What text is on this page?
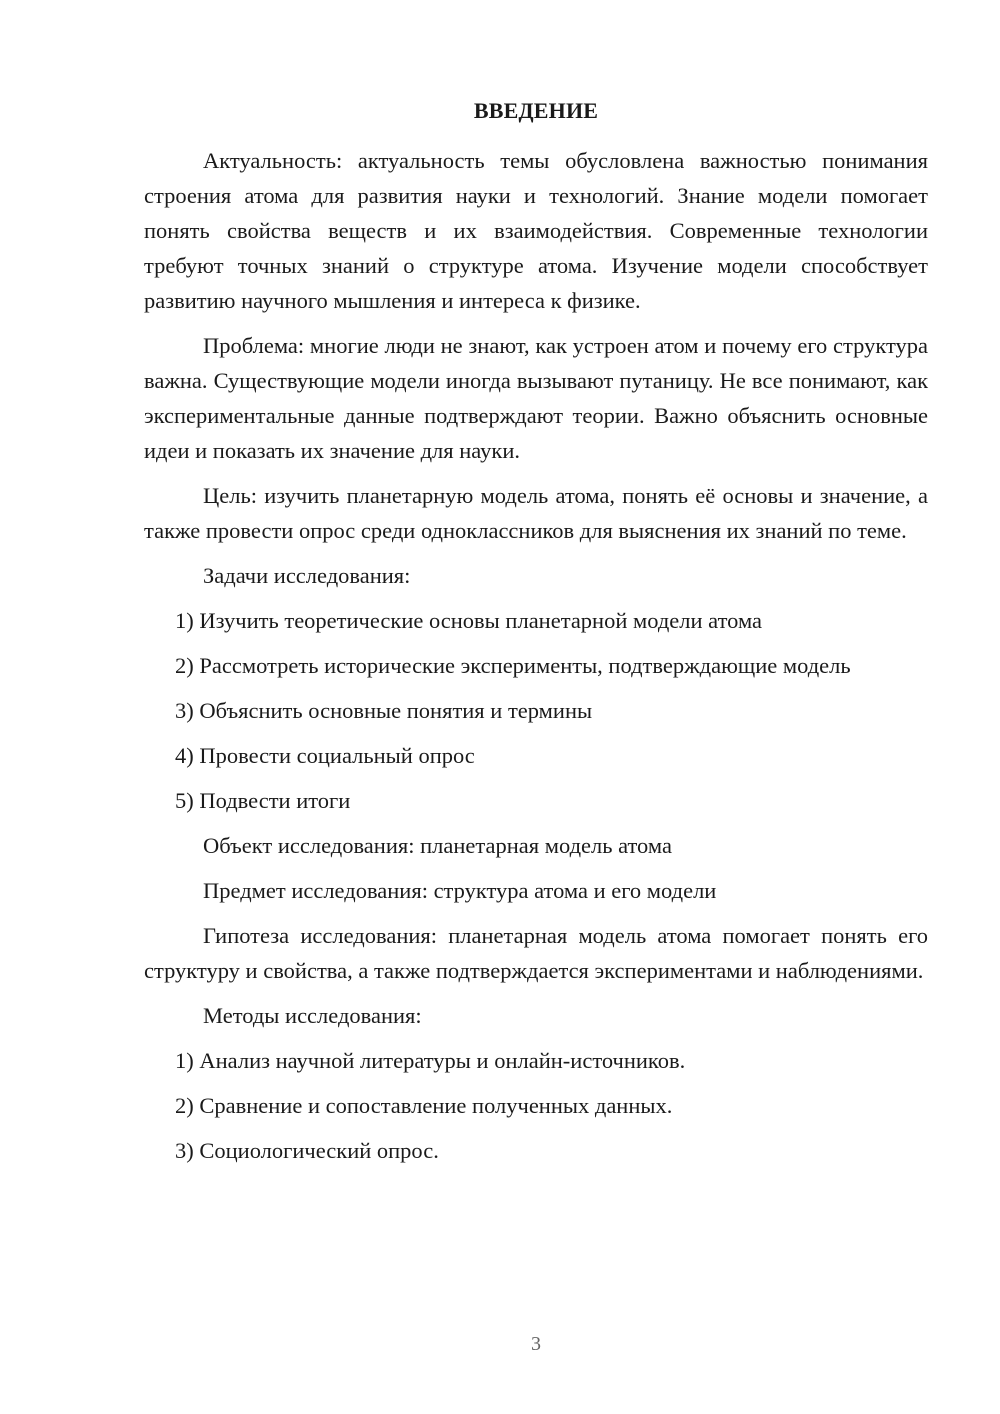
ВВЕДЕНИЕ

Актуальность: актуальность темы обусловлена важностью понимания строения атома для развития науки и технологий. Знание модели помогает понять свойства веществ и их взаимодействия. Современные технологии требуют точных знаний о структуре атома. Изучение модели способствует развитию научного мышления и интереса к физике.

Проблема: многие люди не знают, как устроен атом и почему его структура важна. Существующие модели иногда вызывают путаницу. Не все понимают, как экспериментальные данные подтверждают теории. Важно объяснить основные идеи и показать их значение для науки.

Цель: изучить планетарную модель атома, понять её основы и значение, а также провести опрос среди одноклассников для выяснения их знаний по теме.

Задачи исследования:

1) Изучить теоретические основы планетарной модели атома

2) Рассмотреть исторические эксперименты, подтверждающие модель

3) Объяснить основные понятия и термины

4) Провести социальный опрос

5) Подвести итоги

Объект исследования: планетарная модель атома

Предмет исследования: структура атома и его модели

Гипотеза исследования: планетарная модель атома помогает понять его структуру и свойства, а также подтверждается экспериментами и наблюдениями.

Методы исследования:

1) Анализ научной литературы и онлайн-источников.

2) Сравнение и сопоставление полученных данных.

3) Социологический опрос.

3
